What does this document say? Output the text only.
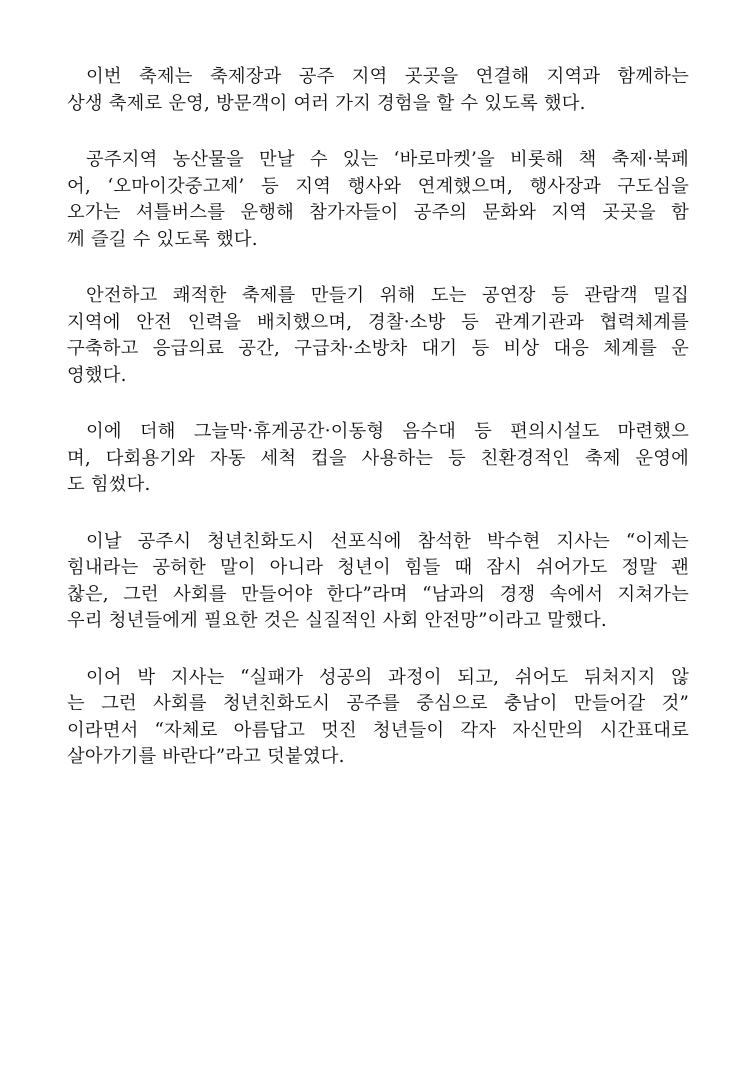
이번 축제는 축제장과 공주 지역 곳곳을 연결해 지역과 함께하는
상생 축제로 운영, 방문객이 여러 가지 경험을 할 수 있도록 했다.
공주지역 농산물을 만날 수 있는 ‘바로마켓’을 비롯해 책 축제·북페
어, ‘오마이갓중고제’ 등 지역 행사와 연계했으며, 행사장과 구도심을
오가는 셔틀버스를 운행해 참가자들이 공주의 문화와 지역 곳곳을 함
께 즐길 수 있도록 했다.
안전하고 쾌적한 축제를 만들기 위해 도는 공연장 등 관람객 밀집
지역에 안전 인력을 배치했으며, 경찰·소방 등 관계기관과 협력체계를
구축하고 응급의료 공간, 구급차·소방차 대기 등 비상 대응 체계를 운
영했다.
이에 더해 그늘막·휴게공간·이동형 음수대 등 편의시설도 마련했으
며, 다회용기와 자동 세척 컵을 사용하는 등 친환경적인 축제 운영에
도 힘썼다.
이날 공주시 청년친화도시 선포식에 참석한 박수현 지사는 “이제는
힘내라는 공허한 말이 아니라 청년이 힘들 때 잠시 쉬어가도 정말 괜
찮은, 그런 사회를 만들어야 한다”라며 “남과의 경쟁 속에서 지쳐가는
우리 청년들에게 필요한 것은 실질적인 사회 안전망”이라고 말했다.
이어 박 지사는 “실패가 성공의 과정이 되고, 쉬어도 뒤처지지 않
는 그런 사회를 청년친화도시 공주를 중심으로 충남이 만들어갈 것”
이라면서 “자체로 아름답고 멋진 청년들이 각자 자신만의 시간표대로
살아가기를 바란다”라고 덧붙였다.
